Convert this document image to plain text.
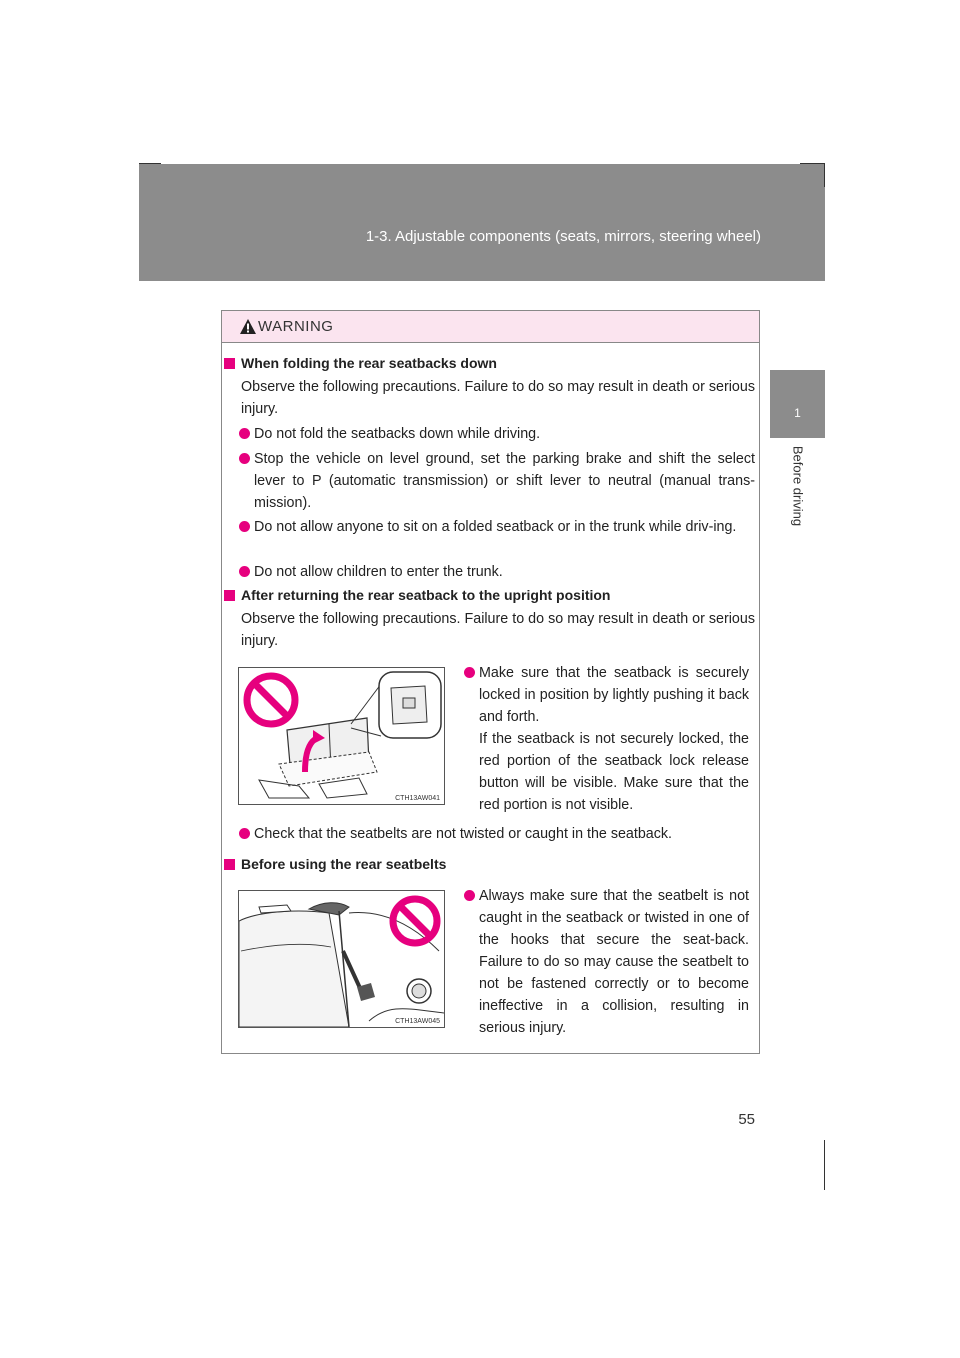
1-3. Adjustable components (seats, mirrors, steering wheel)
1
Before driving
55
WARNING
When folding the rear seatbacks down
Observe the following precautions. Failure to do so may result in death or serious injury.
Do not fold the seatbacks down while driving.
Stop the vehicle on level ground, set the parking brake and shift the select lever to P (automatic transmission) or shift lever to neutral (manual trans-mission).
Do not allow anyone to sit on a folded seatback or in the trunk while driv-ing.
Do not allow children to enter the trunk.
After returning the rear seatback to the upright position
Observe the following precautions. Failure to do so may result in death or serious injury.
CTH13AW041
Make sure that the seatback is securely locked in position by lightly pushing it back and forth.
If the seatback is not securely locked, the red portion of the seatback lock release button will be visible. Make sure that the red portion is not visible.
Check that the seatbelts are not twisted or caught in the seatback.
Before using the rear seatbelts
CTH13AW045
Always make sure that the seatbelt is not caught in the seatback or twisted in one of the hooks that secure the seat-back. Failure to do so may cause the seatbelt to not be fastened correctly or to become ineffective in a collision, resulting in serious injury.
